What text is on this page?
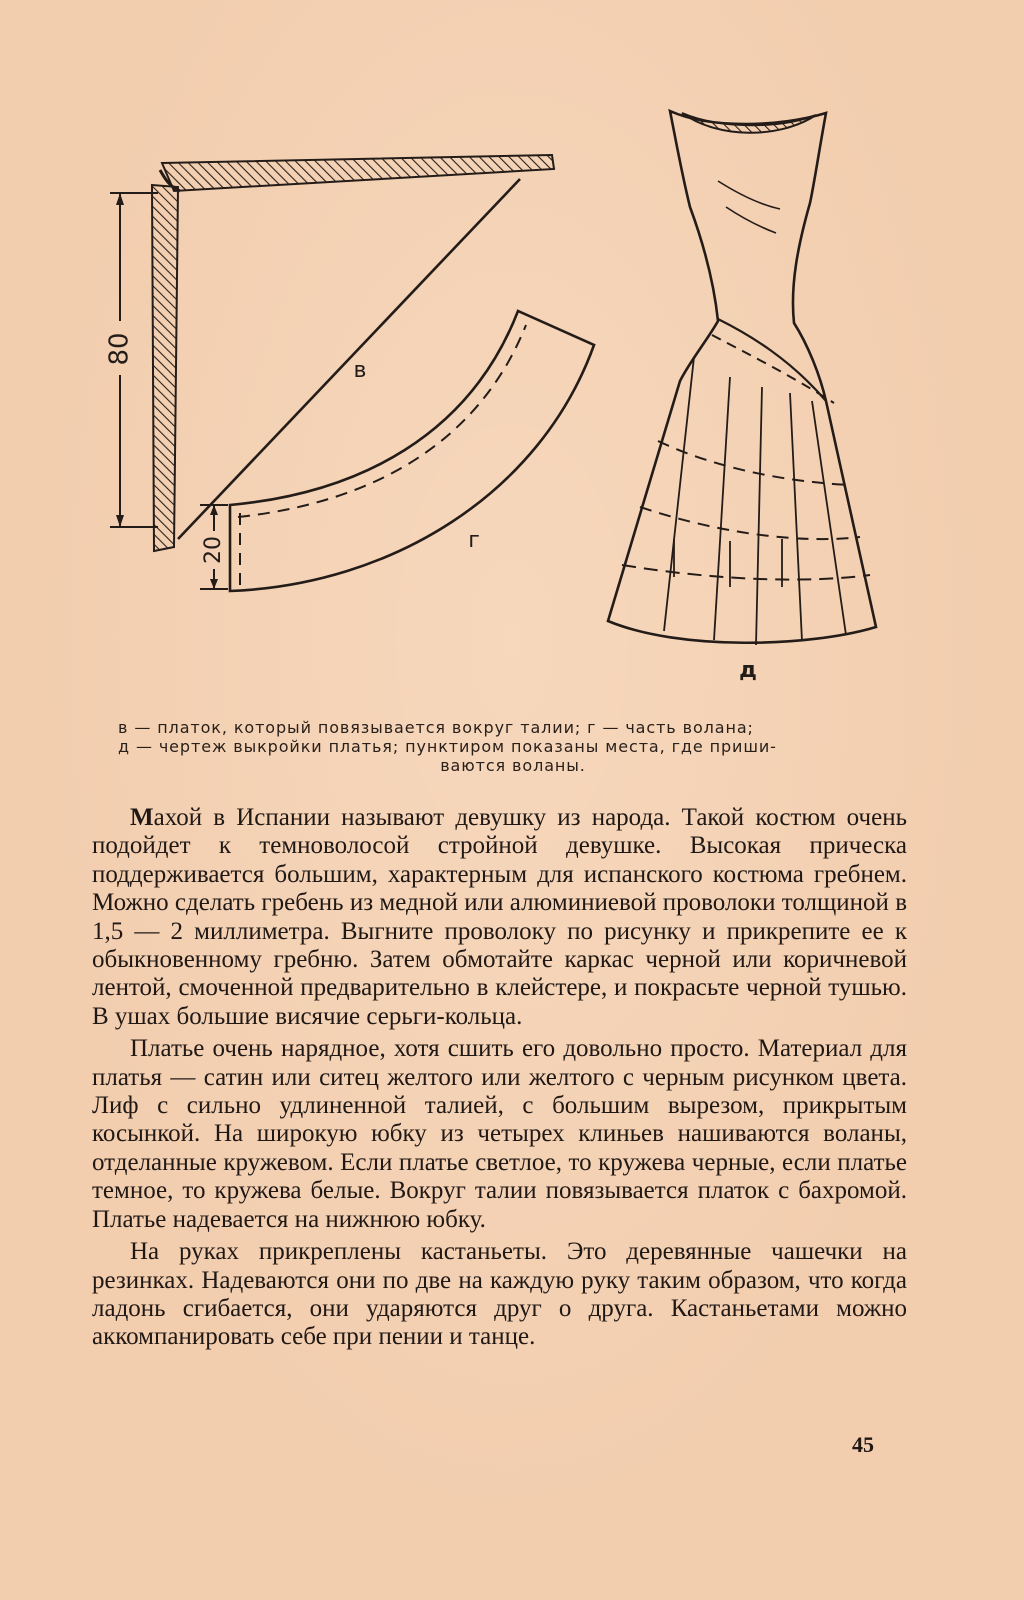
80
в
г
20
д

в — платок, который повязывается вокруг талии; г — часть волана;

д — чертеж выкройки платья; пунктиром показаны места, где приши-

ваются воланы.

Махой в Испании называют девушку из народа. Такой костюм очень подойдет к темноволосой стройной девушке. Высокая прическа поддерживается большим, характерным для испанского костюма гребнем. Можно сделать гребень из медной или алюминиевой проволоки толщиной в 1,5 — 2 миллиметра. Выгните проволоку по рисунку и прикрепите ее к обыкновенному гребню. Затем обмотайте каркас черной или коричневой лентой, смоченной предварительно в клейстере, и покрасьте черной тушью. В ушах большие висячие серьги-кольца.

Платье очень нарядное, хотя сшить его довольно просто. Материал для платья — сатин или ситец желтого или желтого с черным рисунком цвета. Лиф с сильно удлиненной талией, с большим вырезом, прикрытым косынкой. На широкую юбку из четырех клиньев нашиваются воланы, отделанные кружевом. Если платье светлое, то кружева черные, если платье темное, то кружева белые. Вокруг талии повязывается платок с бахромой. Платье надевается на нижнюю юбку.

На руках прикреплены кастаньеты. Это деревянные чашечки на резинках. Надеваются они по две на каждую руку таким образом, что когда ладонь сгибается, они ударяются друг о друга. Кастаньетами можно аккомпанировать себе при пении и танце.

45
